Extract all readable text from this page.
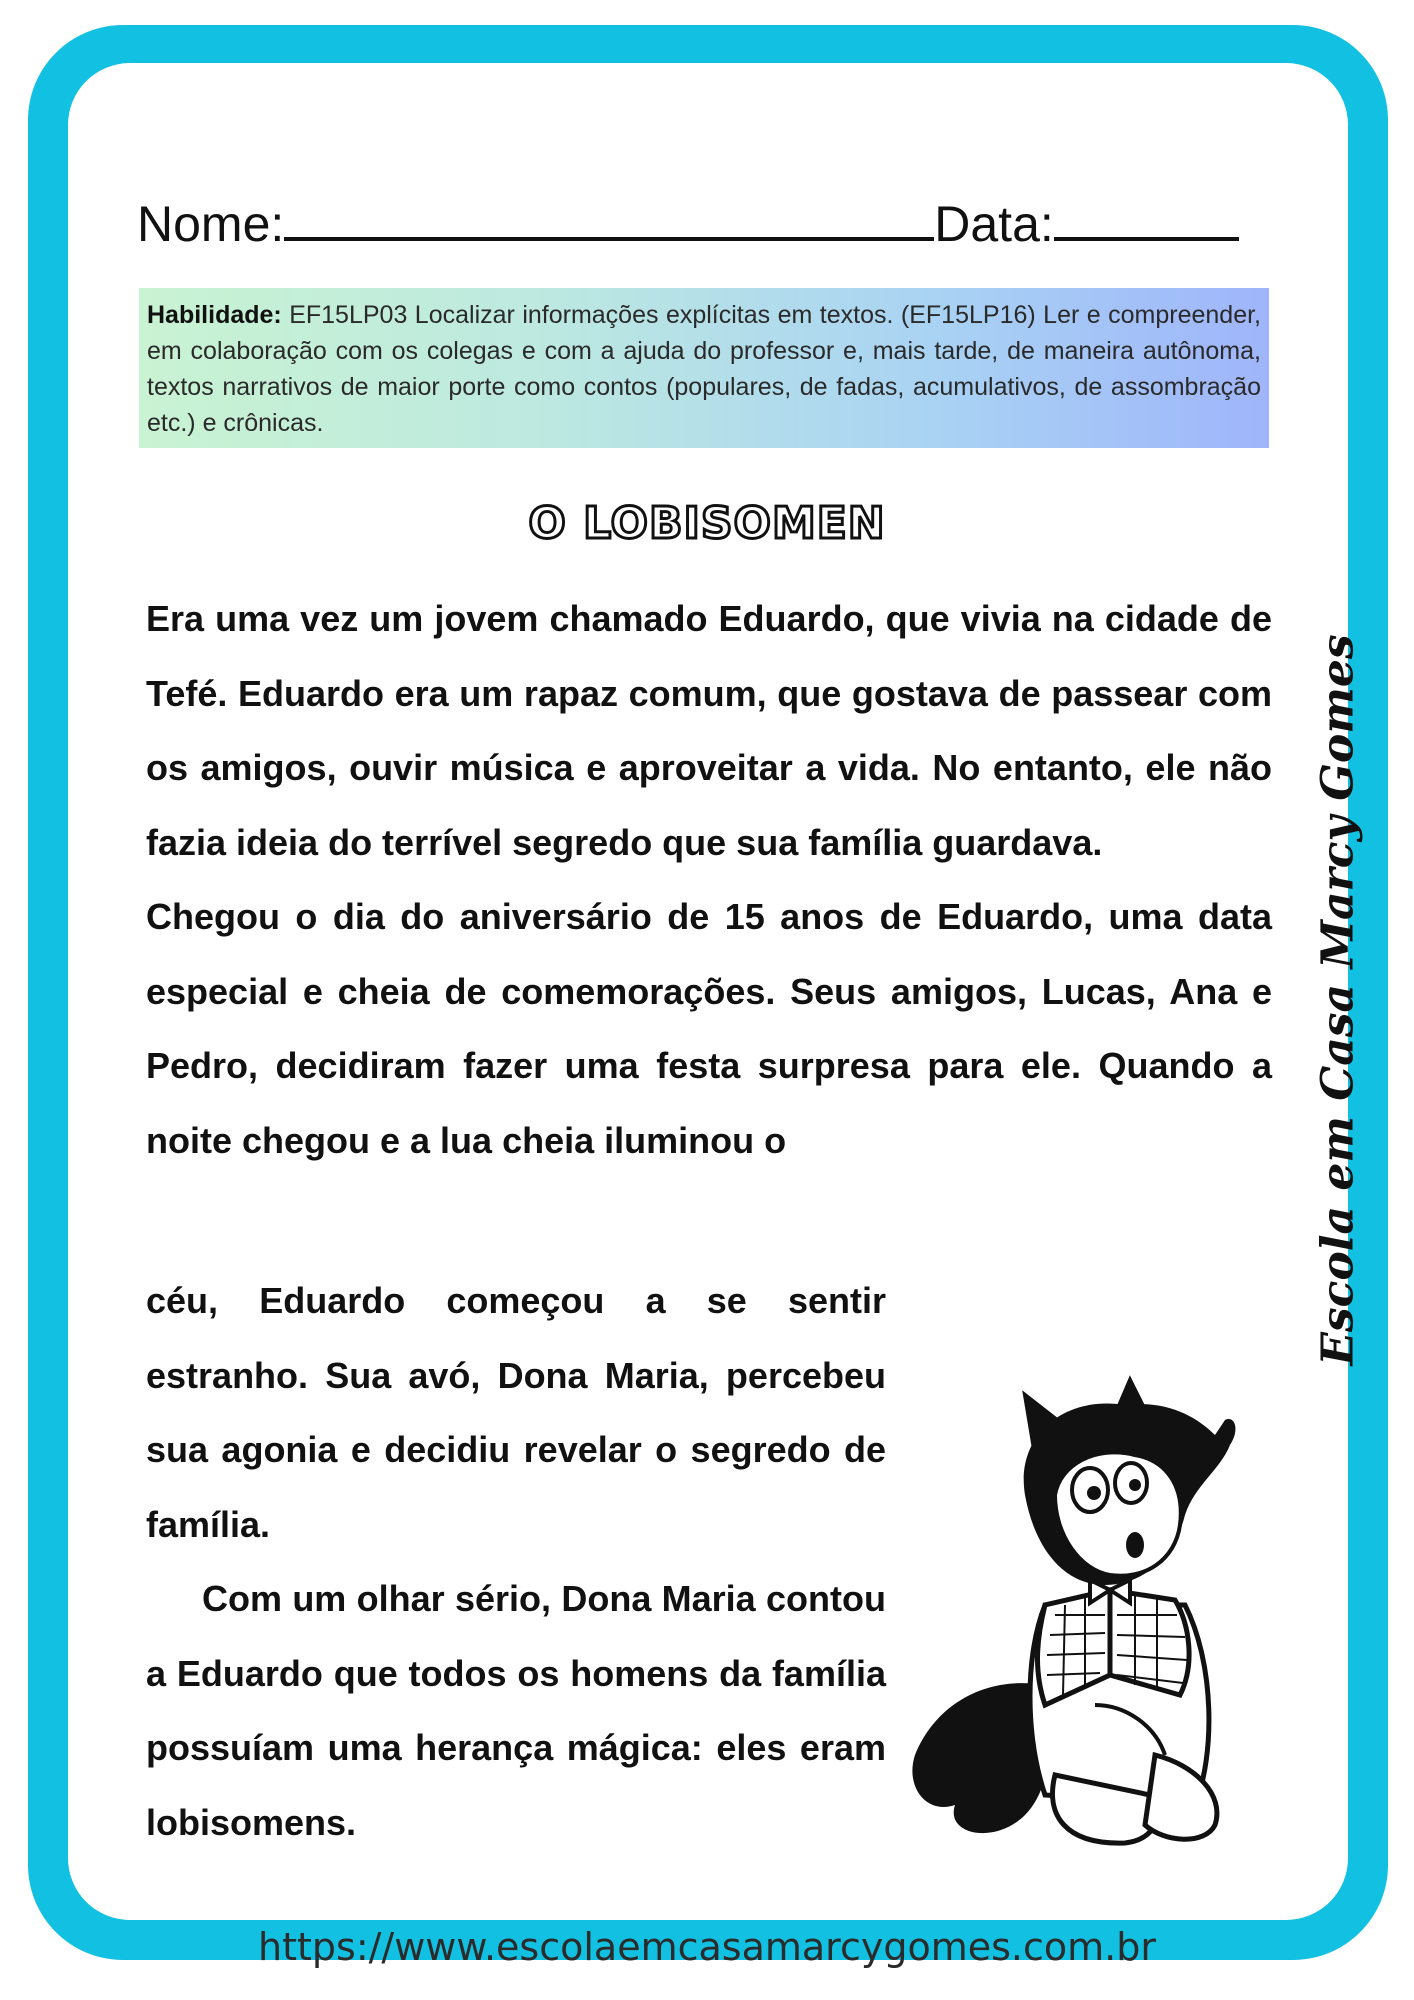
Nome:	Data:
Habilidade: EF15LP03 Localizar informações explícitas em textos. (EF15LP16) Ler e compreender, em colaboração com os colegas e com a ajuda do professor e, mais tarde, de maneira autônoma, textos narrativos de maior porte como contos (populares, de fadas, acumulativos, de assombração etc.) e crônicas.
O LOBISOMEN

Era uma vez um jovem chamado Eduardo, que vivia na cidade de Tefé. Eduardo era um rapaz comum, que gostava de passear com os amigos, ouvir música e aproveitar a vida. No entanto, ele não fazia ideia do terrível segredo que sua família guardava.

Chegou o dia do aniversário de 15 anos de Eduardo, uma data especial e cheia de comemorações. Seus amigos, Lucas, Ana e Pedro, decidiram fazer uma festa surpresa para ele. Quando a noite chegou e a lua cheia iluminou o

céu, Eduardo começou a se sentir estranho. Sua avó, Dona Maria, percebeu sua agonia e decidiu revelar o segredo de família.

Com um olhar sério, Dona Maria contou a Eduardo que todos os homens da família possuíam uma herança mágica: eles eram lobisomens.

Escola em Casa Marcy Gomes
https://www.escolaemcasamarcygomes.com.br
